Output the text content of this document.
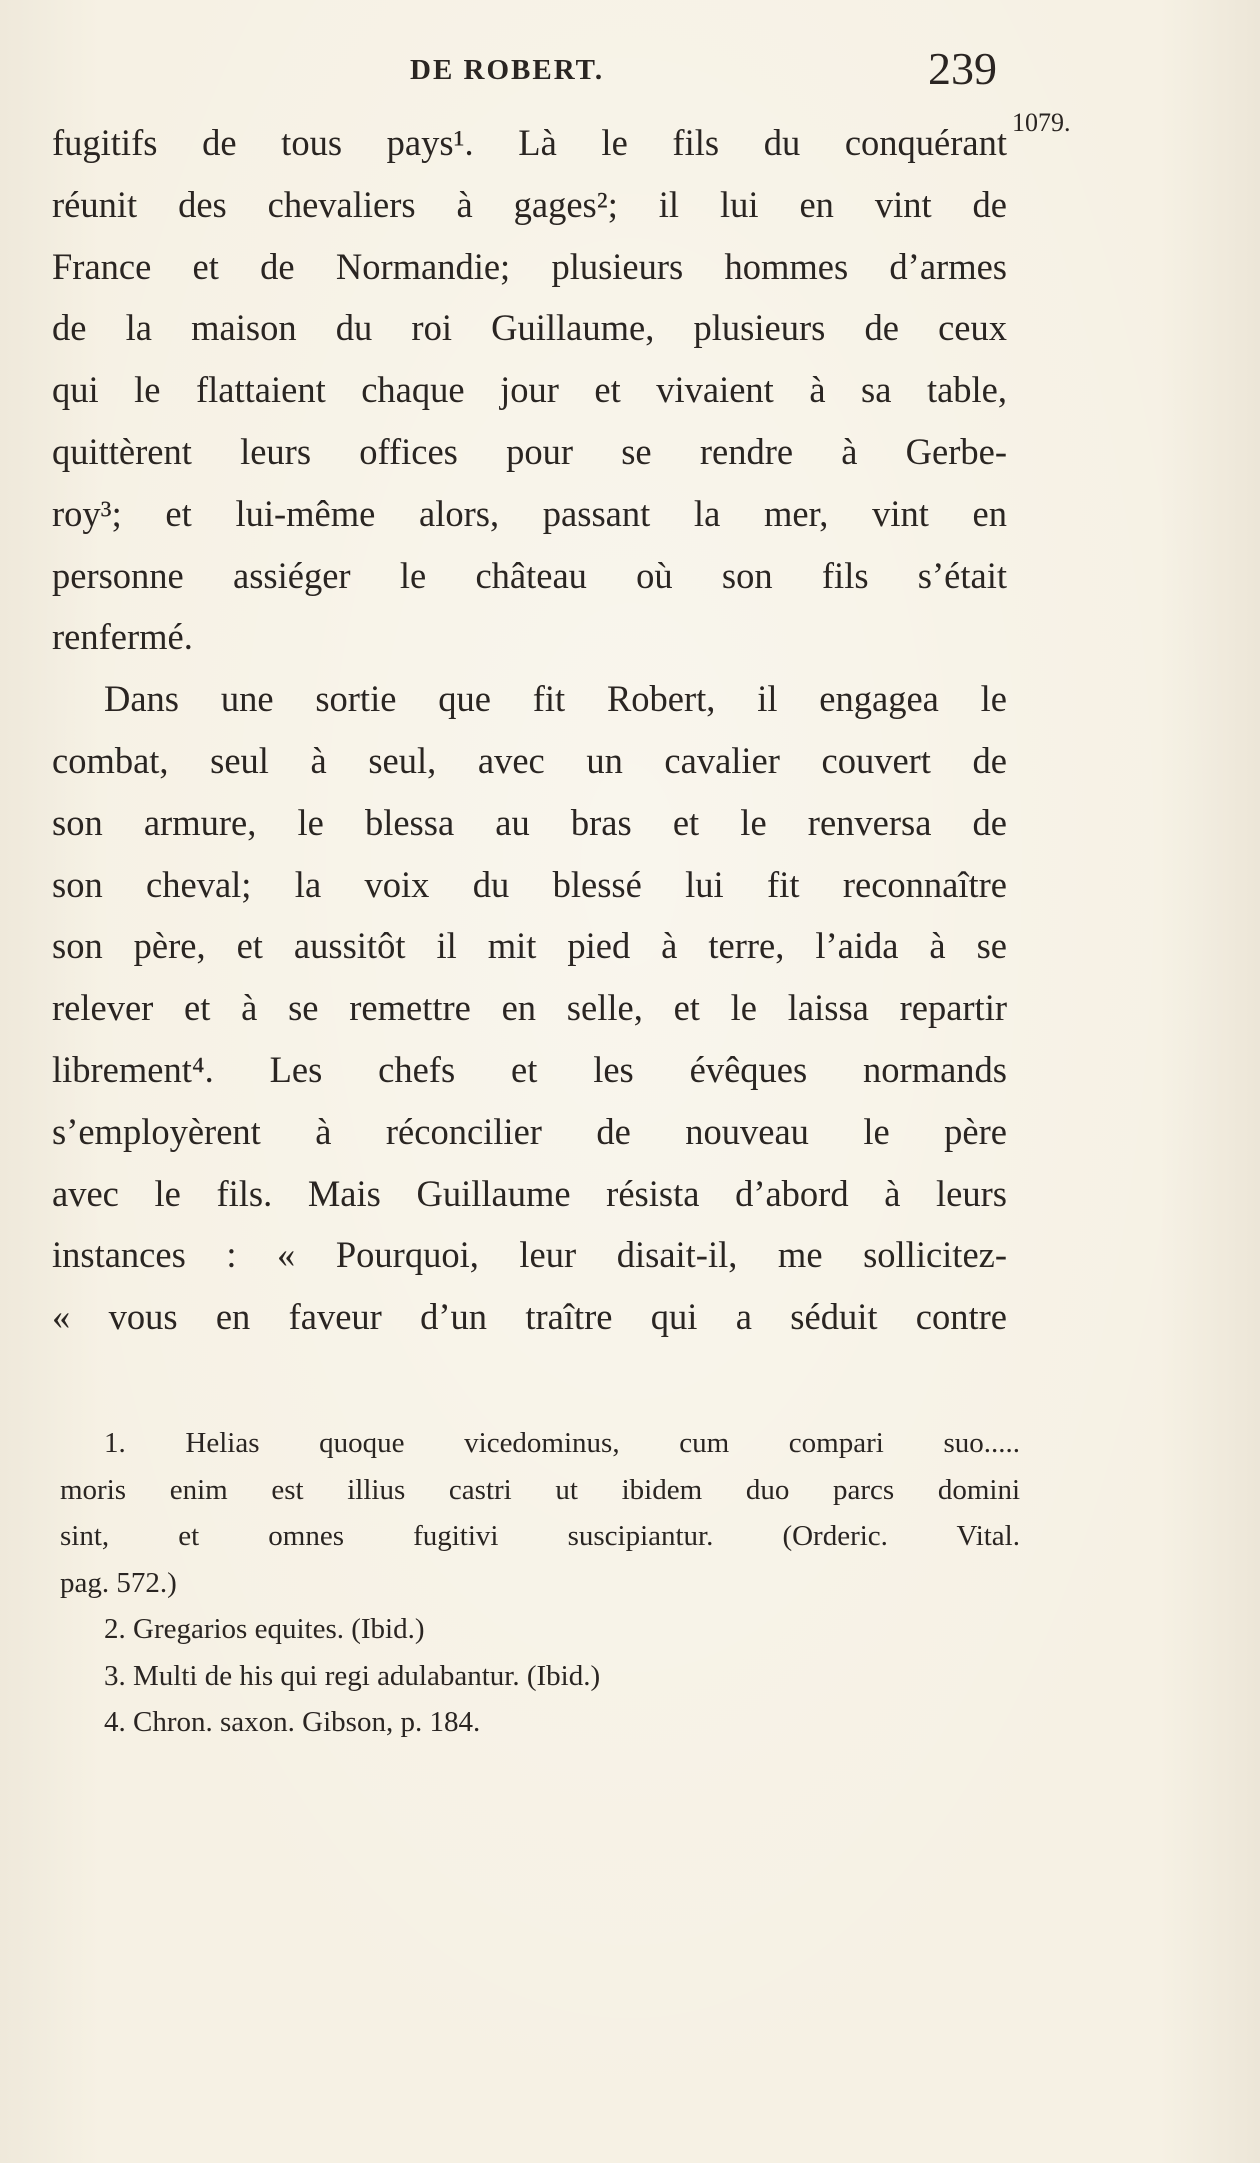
DE ROBERT.	239
1079.
fugitifs de tous pays¹. Là le fils du conquérant
réunit des chevaliers à gages²; il lui en vint de
France et de Normandie; plusieurs hommes d’armes
de la maison du roi Guillaume, plusieurs de ceux
qui le flattaient chaque jour et vivaient à sa table,
quittèrent leurs offices pour se rendre à Gerbe-
roy³; et lui-même alors, passant la mer, vint en
personne assiéger le château où son fils s’était
renfermé.
Dans une sortie que fit Robert, il engagea le
combat, seul à seul, avec un cavalier couvert de
son armure, le blessa au bras et le renversa de
son cheval; la voix du blessé lui fit reconnaître
son père, et aussitôt il mit pied à terre, l’aida à se
relever et à se remettre en selle, et le laissa repartir
librement⁴. Les chefs et les évêques normands
s’employèrent à réconcilier de nouveau le père
avec le fils. Mais Guillaume résista d’abord à leurs
instances : « Pourquoi, leur disait-il, me sollicitez-
« vous en faveur d’un traître qui a séduit contre
1. Helias quoque vicedominus, cum compari suo.....
moris enim est illius castri ut ibidem duo parcs domini
sint, et omnes fugitivi suscipiantur. (Orderic. Vital.
pag. 572.)
2. Gregarios equites. (Ibid.)
3. Multi de his qui regi adulabantur. (Ibid.)
4. Chron. saxon. Gibson, p. 184.
